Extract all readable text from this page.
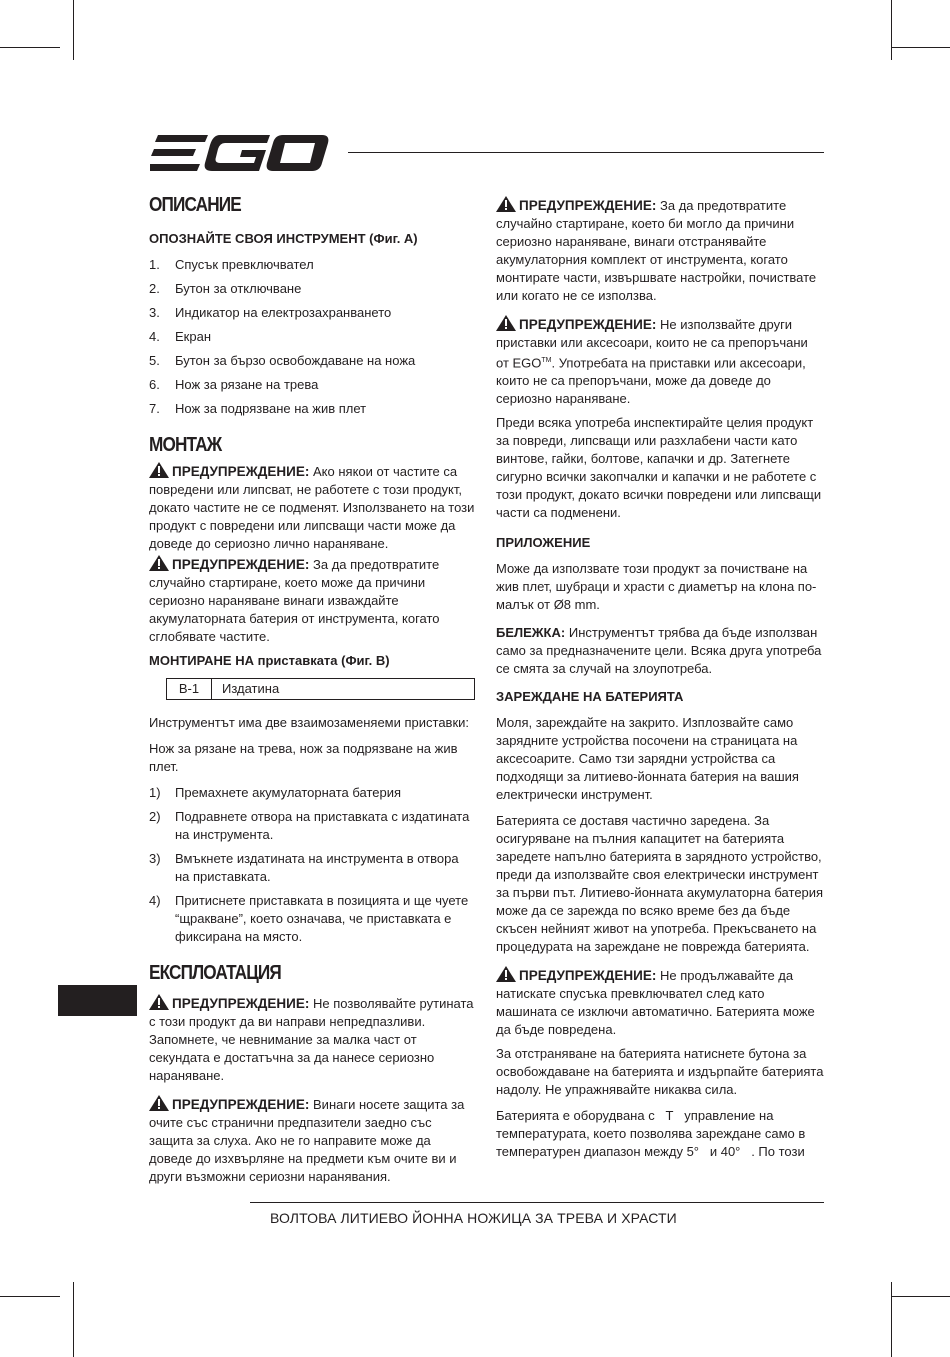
ОПИСАНИЕ
ОПОЗНАЙТЕ СВОЯ ИНСТРУМЕНТ (Фиг. A)
1. Спусък превключвател
2. Бутон за отключване
3. Индикатор на електрозахранването
4. Екран
5. Бутон за бързо освобождаване на ножа
6. Нож за рязане на трева
7. Нож за подрязване на жив плет
МОНТАЖ

ПРЕДУПРЕЖДЕНИЕ: Ако някои от частите са повредени или липсват, не работете с този продукт, докато частите не се подменят. Използването на този продукт с повредени или липсващи части може да доведе до сериозно лично нараняване.

ПРЕДУПРЕЖДЕНИЕ: За да предотвратите случайно стартиране, което може да причини сериозно нараняване винаги изваждайте акумулаторната батерия от инструмента, когато сглобявате частите.

МОНТИРАНЕ НА приставката (Фиг. B)
B-1	Издатина

Инструментът има две взаимозаменяеми приставки:

Нож за рязане на трева, нож за подрязване на жив плет.

1) Премахнете акумулаторната батерия
2) Подравнете отвора на приставката с издатината на инструмента.
3) Вмъкнете издатината на инструмента в отвора на приставката.
4) Притиснете приставката в позицията и ще чуете “щракване”, което означава, че приставката е фиксирана на място.
ЕКСПЛОАТАЦИЯ

ПРЕДУПРЕЖДЕНИЕ: Не позволявайте рутината с този продукт да ви направи непредпазливи. Запомнете, че невнимание за малка част от секундата е достатъчна за да нанесе сериозно нараняване.

ПРЕДУПРЕЖДЕНИЕ: Винаги носете защита за очите със странични предпазители заедно със защита за слуха. Ако не го направите може да доведе до изхвърляне на предмети към очите ви и други възможни сериозни наранявания.

ПРЕДУПРЕЖДЕНИЕ: За да предотвратите случайно стартиране, което би могло да причини сериозно нараняване, винаги отстранявайте акумулаторния комплект от инструмента, когато монтирате части, извършвате настройки, почиствате или когато не се използва.

ПРЕДУПРЕЖДЕНИЕ: Не използвайте други приставки или аксесоари, които не са препоръчани от EGO™. Употребата на приставки или аксесоари, които не са препоръчани, може да доведе до сериозно нараняване.

Преди всяка употреба инспектирайте целия продукт за повреди, липсващи или разхлабени части като винтове, гайки, болтове, капачки и др. Затегнете сигурно всички закопчалки и капачки и не работете с този продукт, докато всички повредени или липсващи части са подменени.

ПРИЛОЖЕНИЕ

Може да използвате този продукт за почистване на жив плет, шубраци и храсти с диаметър на клона по-малък от Ø8 mm.

БЕЛЕЖКА: Инструментът трябва да бъде използван само за предназначените цели. Всяка друга употреба се смята за случай на злоупотреба.

ЗАРЕЖДАНЕ НА БАТЕРИЯТА

Моля, зареждайте на закрито. Изплозвайте само зарядните устройства посочени на страницата на аксесоарите. Само тзи зарядни устройства са подходящи за литиево-йонната батерия на вашия електрически инструмент.

Батерията се доставя частично заредена. За осигуряване на пълния капацитет на батерията заредете напълно батерията в зарядното устройство, преди да използвайте своя електрически инструмент за първи път. Литиево-йонната акумулаторна батерия може да се зарежда по всяко време без да бъде скъсен нейният живот на употреба. Прекъсването на процедурата на зареждане не поврежда батерията.

ПРЕДУПРЕЖДЕНИЕ: Не продължавайте да натискате спусъка превключвател след като машината се изключи автоматично. Батерията може да бъде повредена.

За отстраняване на батерията натиснете бутона за освобождаване на батерията и издърпайте батерията надолу. Не упражнявайте никаква сила.

Батерията е оборудвана с   Т   управление на температурата, което позволява зареждане само в температурен диапазон между 5°   и 40°   . По този

ВОЛТОВА ЛИТИЕВО ЙОННА НОЖИЦА ЗА ТРЕВА И ХРАСТИ
